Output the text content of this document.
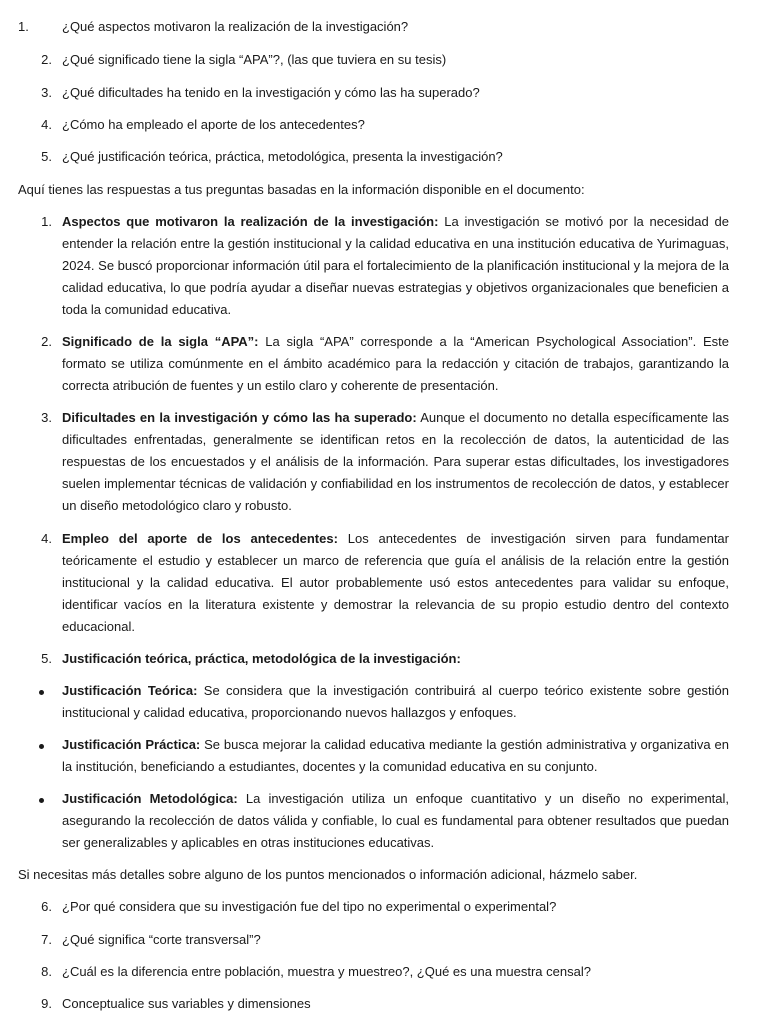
1.	¿Qué aspectos motivaron la realización de la investigación?
2. ¿Qué significado tiene la sigla “APA”?, (las que tuviera en su tesis)
3. ¿Qué dificultades ha tenido en la investigación y cómo las ha superado?
4. ¿Cómo ha empleado el aporte de los antecedentes?
5. ¿Qué justificación teórica, práctica, metodológica, presenta la investigación?
Aquí tienes las respuestas a tus preguntas basadas en la información disponible en el documento:
1. Aspectos que motivaron la realización de la investigación: La investigación se motivó por la necesidad de entender la relación entre la gestión institucional y la calidad educativa en una institución educativa de Yurimaguas, 2024. Se buscó proporcionar información útil para el fortalecimiento de la planificación institucional y la mejora de la calidad educativa, lo que podría ayudar a diseñar nuevas estrategias y objetivos organizacionales que beneficien a toda la comunidad educativa.
2. Significado de la sigla “APA”: La sigla “APA” corresponde a la “American Psychological Association”. Este formato se utiliza comúnmente en el ámbito académico para la redacción y citación de trabajos, garantizando la correcta atribución de fuentes y un estilo claro y coherente de presentación.
3. Dificultades en la investigación y cómo las ha superado: Aunque el documento no detalla específicamente las dificultades enfrentadas, generalmente se identifican retos en la recolección de datos, la autenticidad de las respuestas de los encuestados y el análisis de la información. Para superar estas dificultades, los investigadores suelen implementar técnicas de validación y confiabilidad en los instrumentos de recolección de datos, y establecer un diseño metodológico claro y robusto.
4. Empleo del aporte de los antecedentes: Los antecedentes de investigación sirven para fundamentar teóricamente el estudio y establecer un marco de referencia que guía el análisis de la relación entre la gestión institucional y la calidad educativa. El autor probablemente usó estos antecedentes para validar su enfoque, identificar vacíos en la literatura existente y demostrar la relevancia de su propio estudio dentro del contexto educacional.
5. Justificación teórica, práctica, metodológica de la investigación:
Justificación Teórica: Se considera que la investigación contribuirá al cuerpo teórico existente sobre gestión institucional y calidad educativa, proporcionando nuevos hallazgos y enfoques.
Justificación Práctica: Se busca mejorar la calidad educativa mediante la gestión administrativa y organizativa en la institución, beneficiando a estudiantes, docentes y la comunidad educativa en su conjunto.
Justificación Metodológica: La investigación utiliza un enfoque cuantitativo y un diseño no experimental, asegurando la recolección de datos válida y confiable, lo cual es fundamental para obtener resultados que puedan ser generalizables y aplicables en otras instituciones educativas.
Si necesitas más detalles sobre alguno de los puntos mencionados o información adicional, házmelo saber.
6. ¿Por qué considera que su investigación fue del tipo no experimental o experimental?
7. ¿Qué significa “corte transversal”?
8. ¿Cuál es la diferencia entre población, muestra y muestreo?, ¿Qué es una muestra censal?
9. Conceptualice sus variables y dimensiones
